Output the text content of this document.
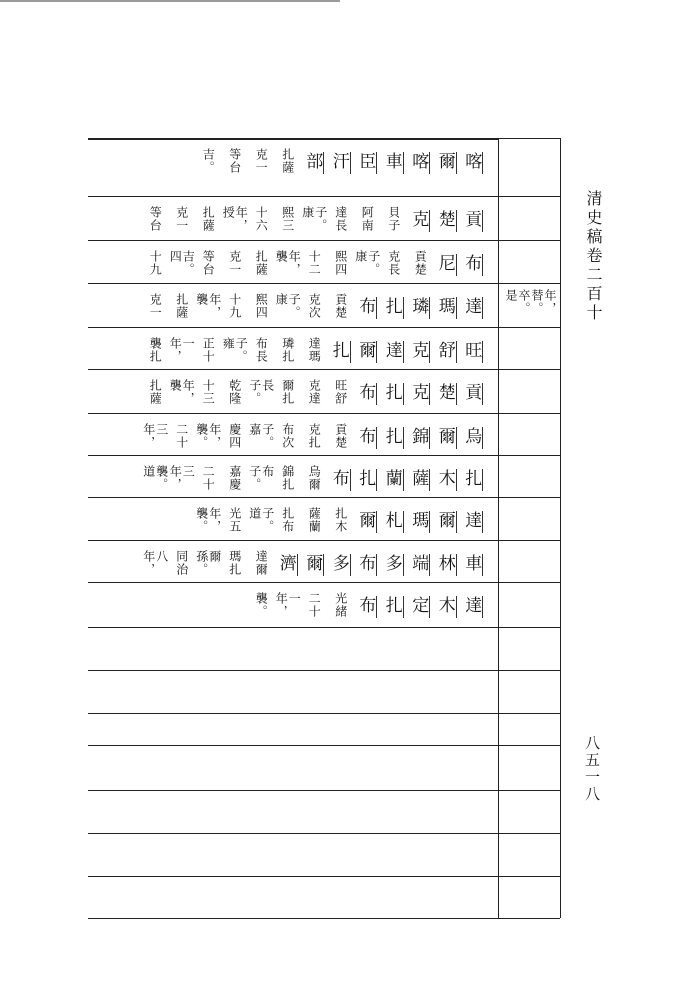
喀
爾
喀
車
臣
汗
部
扎薩
克一
等台
吉。
貢
楚
克
貝子
阿南
達長
子。康
熙三
十六
年，授
扎薩
克一
等台
布
尼
貢楚
克長
子。康
熙四
十二
年，襲
扎薩
克一
等台
吉。四
十九
達
瑪
璘
扎
布
貢楚
克次
子。康
熙四
十九
年，襲
扎薩
克一
旺
舒
克
達
爾
扎
達瑪
璘扎
布長
子。雍
正十
一年，
襲扎
貢
楚
克
扎
布
旺舒
克達
爾扎
長子。
乾隆
十三
年，襲
扎薩
烏
爾
錦
扎
布
貢楚
克扎
布次
子。嘉
慶四
年，襲。
二十
三年，
扎
木
薩
蘭
扎
布
烏爾
錦扎
布子。
嘉慶
二十
三年，
襲。道
達
爾
瑪
札
爾
扎木
薩蘭
扎布
子。道
光五
年，襲。
車
林
端
多
布
多
爾
濟
達爾
瑪扎
爾孫。
同治
八年，
達
木
定
扎
布
光緒
二十
一年，
襲。
年，替。卒。是	清史稿卷二百十
八五一八
